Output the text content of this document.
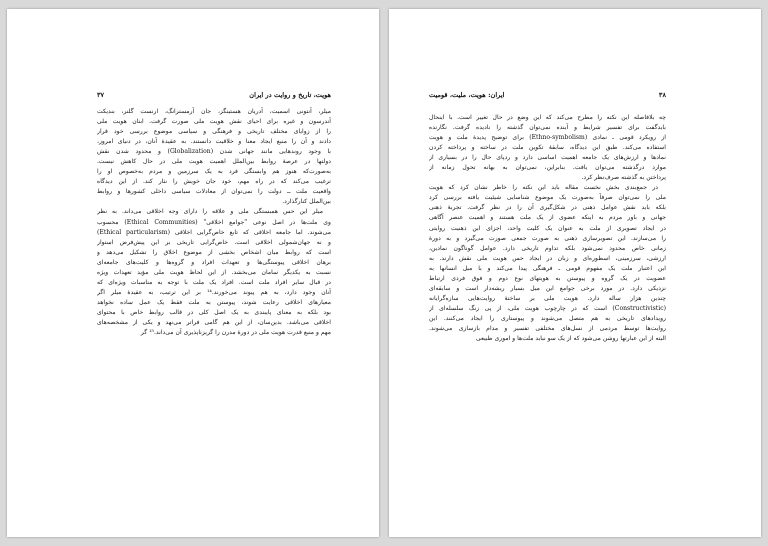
هویت، تاریخ و روایت در ایران
۳۷
میلر، آنتونی اسمیت، آدریان هستینگز، جان آرمسترانگ، ارنست گلنر، بندیکت
آندرسون و غیره برای احیای نقش هویت ملی صورت گرفت. ابنان هویت ملی
را از زوایای مختلف تاریخی و فرهنگی و سیاسی موضوع بررسی خود قرار
دادند و آن را منبع ایجاد معنا و خلاقیت دانستند. به عقیدهٔ آنان، در دنیای امروز،
با وجود روندهایی مانند جهانی شدن (Globalization) و محدود شدن نقش
دولتها در عرصهٔ روابط بین‌الملل اهمیت هویت ملی در حال کاهش نیست.
به‌صورت‌که هنوز هم وابستگی فرد به یک سرزمین و مردم به‌خصوص او را
ترغیب می‌کند که در راه مهم، خود جان خویش را نثار کند. از این دیدگاه
واقعیت ملت ــ دولت را نمی‌توان از معادلات سیاسی داخلی کشورها و روابط
بین‌الملل کنارگذارد.
میلر این حس همبستگی ملی و علاقه را دارای وجه اخلاقی می‌داند. به نظر
وی ملت‌ها در اصل نوعی "جوامع اخلاقی" (Ethical Communities) محسوب
می‌شوند. اما جامعه اخلاقی که تابع خاص‌گرایی اخلاقی (Ethical particularism)
و نه جهان‌شمولی اخلاقی است. خاص‌گرایی تاریخی بر این پیش‌فرض استوار
است که روابط میان اشخاص بخشی از موضوع اخلاق را تشکیل می‌دهد و
برهان اخلاقی پیوستگی‌ها و تعهدات افراد و گروه‌ها و کلیت‌های جامعه‌ای
نسبت به یکدیگر سامان می‌بخشد. از این لحاظ هویت ملی مؤید تعهدات ویژه
در قبال سایر افراد ملت است. افراد یک ملت با توجه به مناسبات ویژه‌ای که
آنان وجود دارد، به هم پیوند می‌خورند.¹⁴ بر این ترتیب، به عقیدهٔ میلر اگر
معیارهای اخلاقی رعایت شوند، پیوستن به ملت فقط یک عمل ساده نخواهد
بود بلکه به معنای پایبندی به یک اصل کلی در قالب روابط خاص با محتوای
اخلاقی می‌باشد. بدین‌سان، از این هم گامی فراتر می‌نهد و یکی از مشخصه‌های
مهم و منبع قدرت هویت ملی در دورهٔ مدرن را گریزناپذیری آن می‌داند.¹⁵ گر
۳۸
ایران: هویت، ملیت، قومیت
چه بلافاصله این نکته را مطرح می‌کند که این وضع در حال تغییر است. با اینحال
بایدگفت برای تفسیر شرایط و آینده نمی‌توان گذشته را نادیده گرفت. نگارنده
از رویکرد قومی ـ نمادی (Ethno-symbolism) برای توضیح پدیدهٔ ملت و هویت
استفاده می‌کند. طبق این دیدگاه، سابقهٔ تکوین ملت در ساخته و پرداخته کردن
نمادها و ارزش‌های یک جامعه اهمیت اساسی دارد و ردپای حال را در بسیاری از
موارد درگذشته می‌توان یافت. بنابراین، نمی‌توان به بهانه تحول زمانه از
پرداختن به گذشته صرف‌نظر کرد.
در جمع‌بندی بخش نخست مقاله باید این نکته را خاطر نشان کرد که هویت
ملی را نمی‌توان صرفاً به‌صورت یک موضوع شناسایی شیئیت یافته بررسی کرد
بلکه باید نقش عوامل ذهنی در شکل‌گیری آن را در نظر گرفت. تجربهٔ ذهنی
جهانی و باور مردم به اینکه عضوی از یک ملت هستند و اهمیت عنصر آگاهی
در ایجاد تصویری از ملت به عنوان یک کلیت واحد، اجزای این ذهنیت روایتی
را می‌سازند. این تصویرسازی ذهنی به صورت جمعی صورت می‌گیرد و به دورهٔ
زمانی خاص محدود نمی‌شود بلکه تداوم تاریخی دارد. عوامل گوناگون نمادین،
ارزشی، سرزمینی، اسطوره‌ای و زبان در ایجاد حس هویت ملی نقش دارند. به
این اعتبار ملت یک مفهوم قومی ـ فرهنگی پیدا می‌کند و با میل انسانها به
عضویت در یک گروه و پیوستن به هویتهای نوع دوم و فوق فردی ارتباط
نزدیکی دارد. در مورد برخی جوامع این میل بسیار ریشه‌دار است و سابقه‌ای
چندین هزار ساله دارد. هویت ملی بر ساختهٔ روایت‌هایی سازه‌گرایانه
(Constructivistic) است که در چارچوب هویت ملی، از پی زنگ سلسله‌ای از
رویدادهای تاریخی به هم متصل می‌شوند و پیوستاری را ایجاد می‌کنند. این
روایت‌ها توسط مردمی از نسل‌های مختلفی تفسیر و مدام بازسازی می‌شوند.
البته از این عبارتها روشن می‌شود که از یک سو نباید ملت‌ها و اموری طبیعی
